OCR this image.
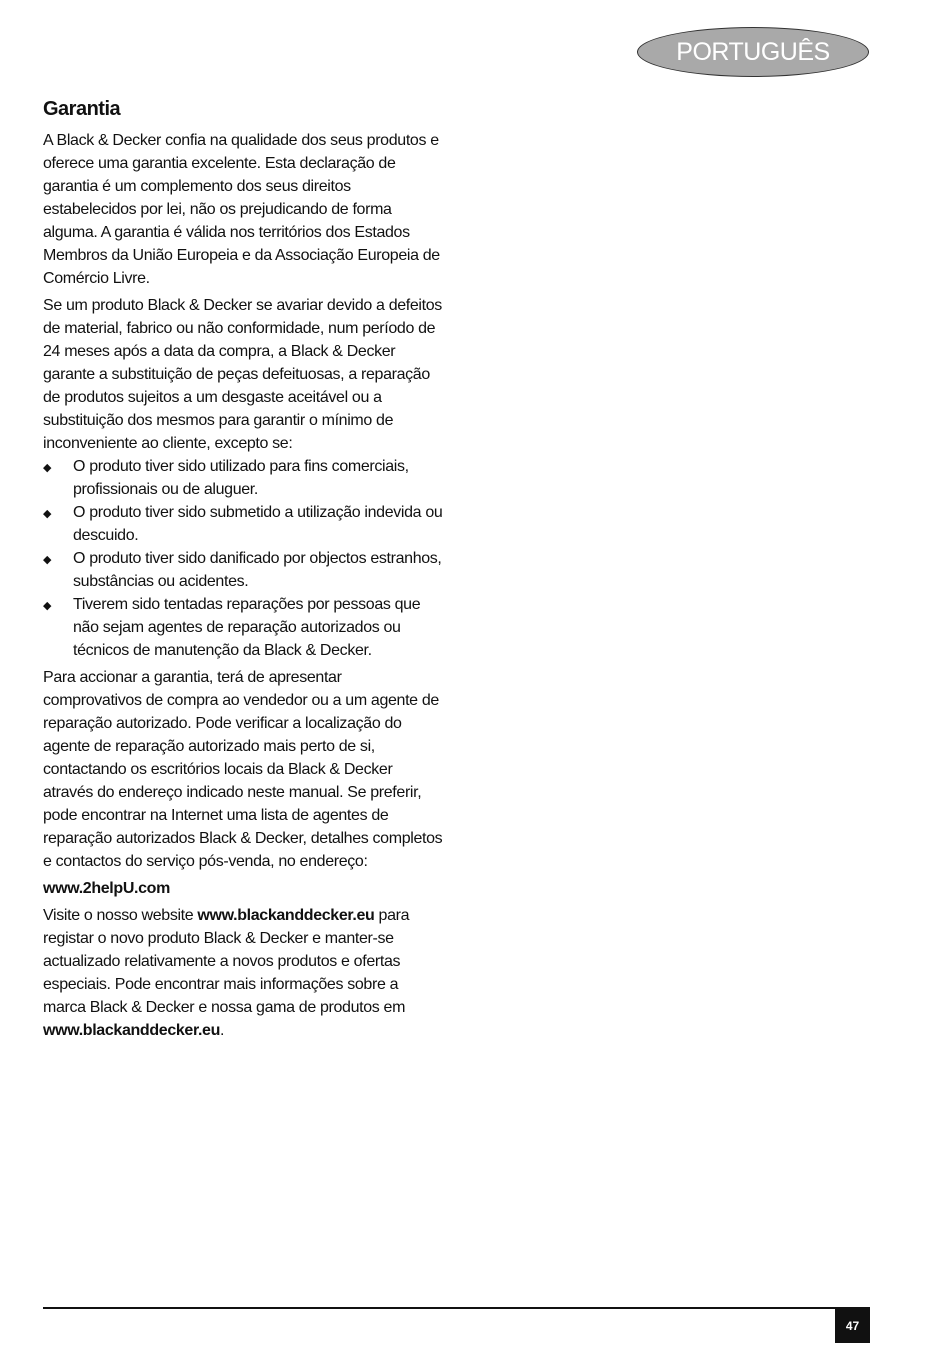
PORTUGUÊS
Garantia

A Black & Decker confia na qualidade dos seus produtos e oferece uma garantia excelente. Esta declaração de garantia é um complemento dos seus direitos estabelecidos por lei, não os prejudicando de forma alguma. A garantia é válida nos territórios dos Estados Membros da União Europeia e da Associação Europeia de Comércio Livre.

Se um produto Black & Decker se avariar devido a defeitos de material, fabrico ou não conformidade, num período de 24 meses após a data da compra, a Black & Decker garante a substituição de peças defeituosas, a reparação de produtos sujeitos a um desgaste aceitável ou a substituição dos mesmos para garantir o mínimo de inconveniente ao cliente, excepto se:

◆ O produto tiver sido utilizado para fins comerciais, profissionais ou de aluguer.
◆ O produto tiver sido submetido a utilização indevida ou descuido.
◆ O produto tiver sido danificado por objectos estranhos, substâncias ou acidentes.
◆ Tiverem sido tentadas reparações por pessoas que não sejam agentes de reparação autorizados ou técnicos de manutenção da Black & Decker.

Para accionar a garantia, terá de apresentar comprovativos de compra ao vendedor ou a um agente de reparação autorizado. Pode verificar a localização do agente de reparação autorizado mais perto de si, contactando os escritórios locais da Black & Decker através do endereço indicado neste manual. Se preferir, pode encontrar na Internet uma lista de agentes de reparação autorizados Black & Decker, detalhes completos e contactos do serviço pós-venda, no endereço:

www.2helpU.com

Visite o nosso website www.blackanddecker.eu para registar o novo produto Black & Decker e manter-se actualizado relativamente a novos produtos e ofertas especiais. Pode encontrar mais informações sobre a marca Black & Decker e nossa gama de produtos em
www.blackanddecker.eu.

47
